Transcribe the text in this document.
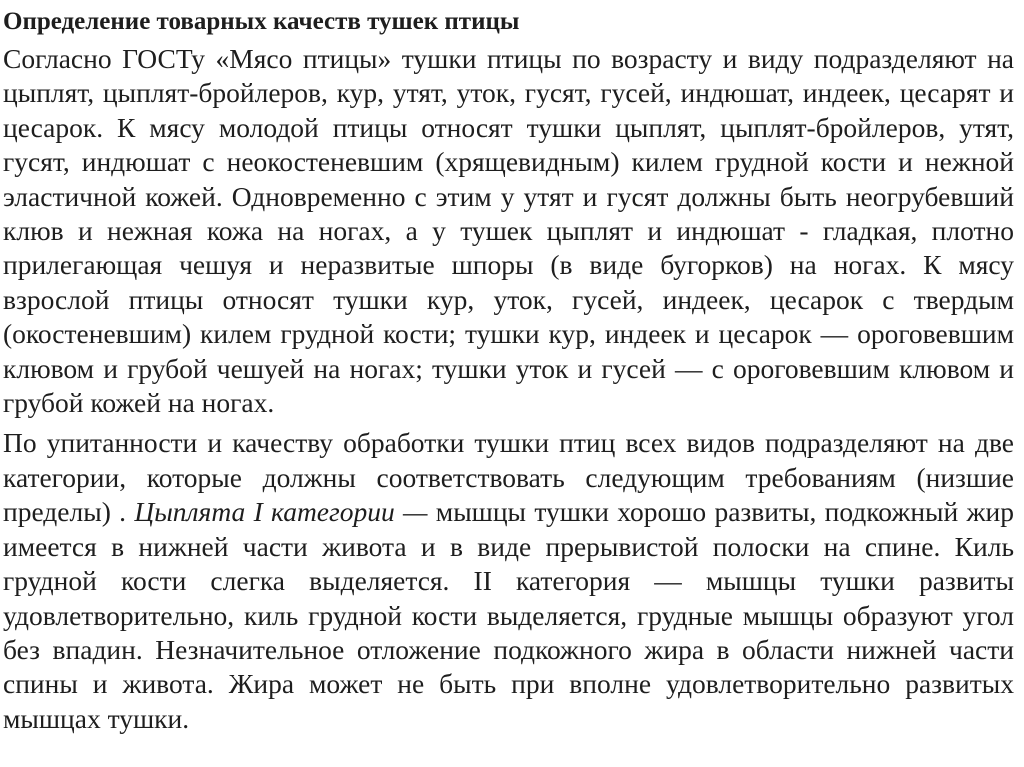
Определение товарных качеств тушек птицы

Согласно ГОСТу «Мясо птицы» тушки птицы по возрасту и виду подразделяют на цыплят, цыплят-бройлеров, кур, утят, уток, гусят, гусей, индюшат, индеек, цесарят и цесарок. К мясу молодой птицы относят тушки цыплят, цыплят-бройлеров, утят, гусят, индюшат с неокостеневшим (хрящевидным) килем грудной кости и нежной эластичной кожей. Одновременно с этим у утят и гусят должны быть неогрубевший клюв и нежная кожа на ногах, а у тушек цыплят и индюшат - гладкая, плотно прилегающая чешуя и неразвитые шпоры (в виде бугорков) на ногах. К мясу взрослой птицы относят тушки кур, уток, гусей, индеек, цесарок с твердым (окостеневшим) килем грудной кости; тушки кур, индеек и цесарок — ороговевшим клювом и грубой чешуей на ногах; тушки уток и гусей — с ороговевшим клювом и грубой кожей на ногах.

По упитанности и качеству обработки тушки птиц всех видов подразделяют на две категории, которые должны соответствовать следующим требованиям (низшие пределы) . Цыплята I категории — мышцы тушки хорошо развиты, подкожный жир имеется в нижней части живота и в виде прерывистой полоски на спине. Киль грудной кости слегка выделяется. II категория — мышцы тушки развиты удовлетворительно, киль грудной кости выделяется, грудные мышцы образуют угол без впадин. Незначительное отложение подкожного жира в области нижней части спины и живота. Жира может не быть при вполне удовлетворительно развитых мышцах тушки.
